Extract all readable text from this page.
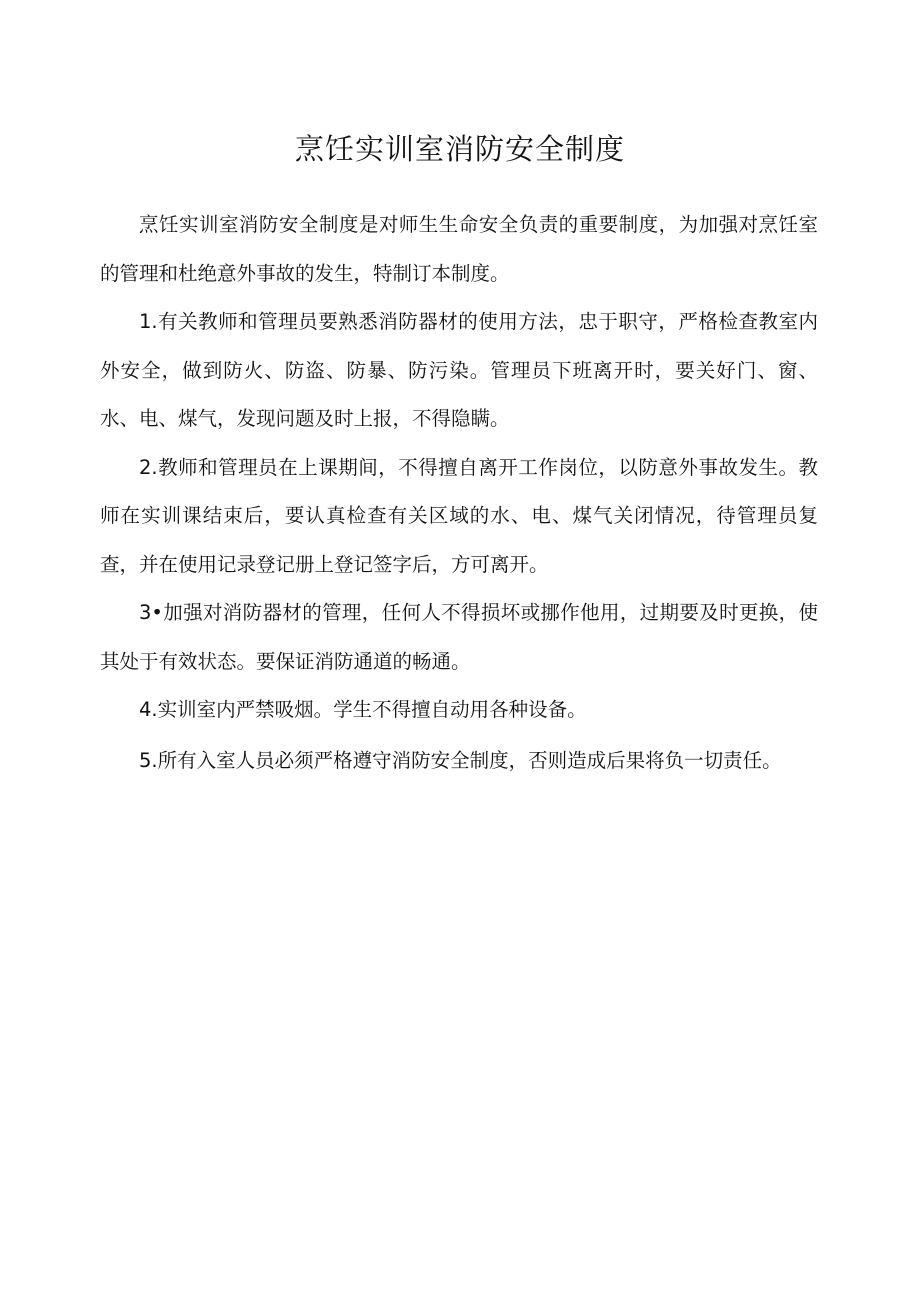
烹饪实训室消防安全制度

烹饪实训室消防安全制度是对师生生命安全负责的重要制度，为加强对烹饪室的管理和杜绝意外事故的发生，特制订本制度。

1.有关教师和管理员要熟悉消防器材的使用方法，忠于职守，严格检查教室内外安全，做到防火、防盗、防暴、防污染。管理员下班离开时，要关好门、窗、水、电、煤气，发现问题及时上报，不得隐瞒。

2.教师和管理员在上课期间，不得擅自离开工作岗位，以防意外事故发生。教师在实训课结束后，要认真检查有关区域的水、电、煤气关闭情况，待管理员复查，并在使用记录登记册上登记签字后，方可离开。

3•加强对消防器材的管理，任何人不得损坏或挪作他用，过期要及时更换，使其处于有效状态。要保证消防通道的畅通。

4.实训室内严禁吸烟。学生不得擅自动用各种设备。

5.所有入室人员必须严格遵守消防安全制度，否则造成后果将负一切责任。
